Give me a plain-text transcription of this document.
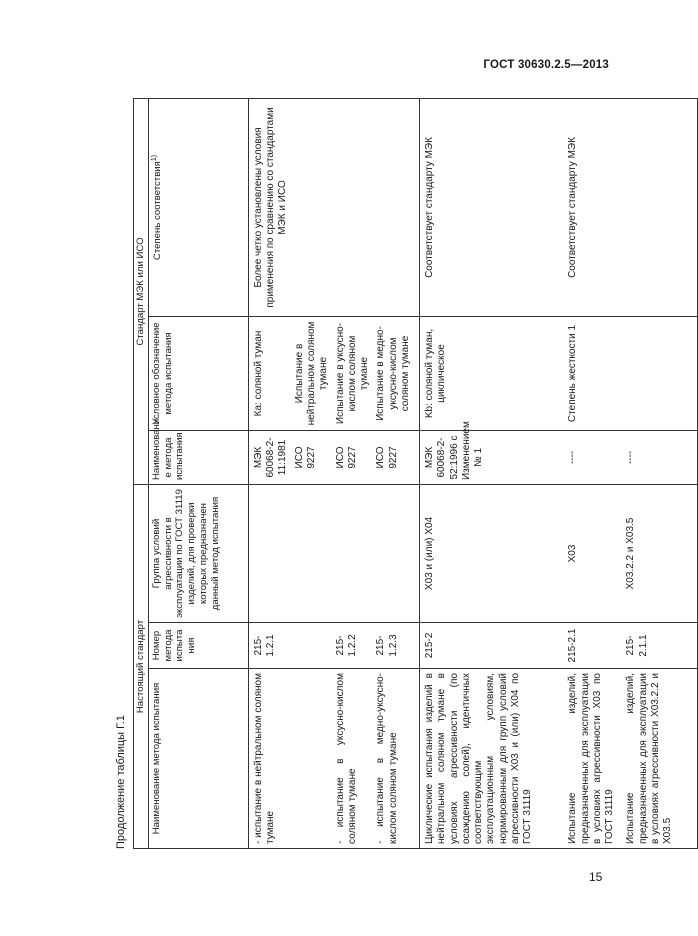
ГОСТ 30630.2.5—2013
Продолжение таблицы Г.1
Настоящий стандарт			Стандарт МЭК или ИСО		
Наименование метода испытания	Номер метода испыта ния	Группа условий агрессивности в эксплуатации по ГОСТ 31119 изделий, для проверки которых предназначен данный метод испытания	Наименовани е метода испытания	Условное обозначение метода испытания	Степень соответствия$^{1)}$
- испытание в нейтральном соляном тумане	215-1.2.1		МЭК 60068-2-11:1981	Ка: соляной туман	Более четко установлены условия применения по сравнению со стандартами МЭК и ИСО
			ИСО 9227	Испытание в нейтральном соляном тумане	
- испытание в уксусно-кислом соляном тумане	215-1.2.2		ИСО 9227	Испытание в уксусно-кислом соляном тумане	
- испытание в медно-уксусно-кислом соляном тумане	215-1.2.3		ИСО 9227	Испытание в медно-уксусно-кислом соляном тумане	
Циклические испытания изделий в нейтральном соляном тумане в условиях агрессивности (по осаждению солей), идентичных соответствующим эксплуатационным условиям, нормированным для групп условий агрессивности Х03 и (или) Х04 по ГОСТ 31119	215-2	Х03 и (или) Х04	МЭК 60068-2-52:1996 с Изменением № 1	Kb: соляной туман, циклическое	Соответствует стандарту МЭК
Испытание изделий, предназначенных для эксплуатации в условиях агрессивности Х03 по ГОСТ 31119	215-2.1	Х03	----	Степень жесткости 1	Соответствует стандарту МЭК
Испытание изделий, предназначенных для эксплуатации в условиях агрессивности Х03.2.2 и Х03.5	215-2.1.1	Х03.2.2 и Х03.5	----		
15
